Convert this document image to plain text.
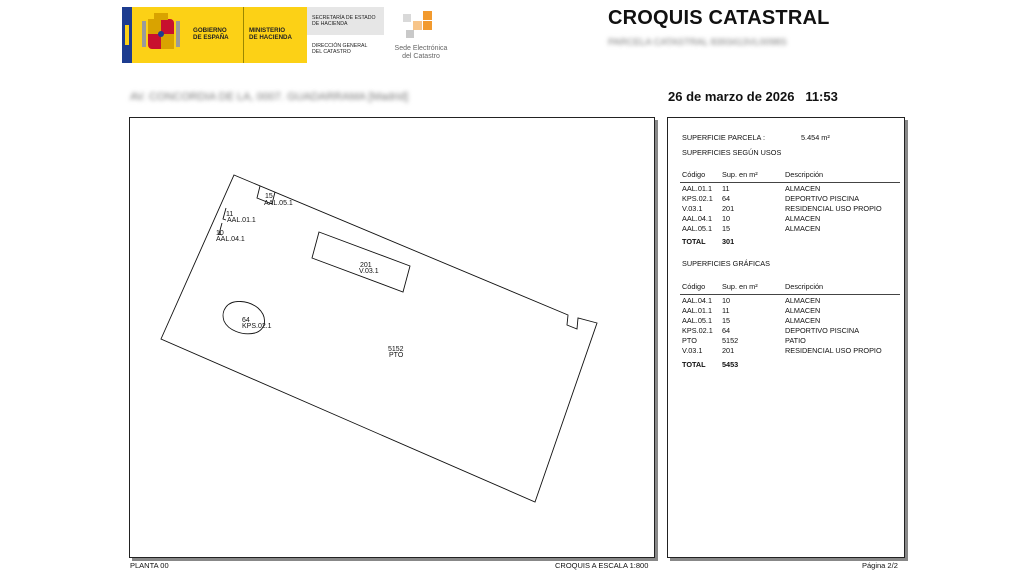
GOBIERNO
DE ESPAÑA
MINISTERIO
DE HACIENDA
SECRETARÍA DE ESTADO
DE HACIENDA
DIRECCIÓN GENERAL
DEL CATASTRO	Sede Electrónica
del Catastro
CROQUIS CATASTRAL
PARCELA CATASTRAL 8393413VL0098S
AV. CONCORDIA DE LA, 0007. GUADARRAMA [Madrid]	26 de marzo de 2026 11:53
15
AAL.05.1
11
AAL.01.1
10
AAL.04.1
201
V.03.1
64
KPS.02.1
5152
PTO
SUPERFICIE PARCELA :	5.454 m²
SUPERFICIES SEGÚN USOS
Código Sup. en m²	Descripción
AAL.01.1 11	ALMACEN
KPS.02.1 64	DEPORTIVO PISCINA
V.03.1	201	RESIDENCIAL USO PROPIO
AAL.04.1 10	ALMACEN
AAL.05.1 15	ALMACEN
TOTAL 301
SUPERFICIES GRÁFICAS
Código Sup. en m²	Descripción
AAL.04.1 10	ALMACEN
AAL.01.1 11	ALMACEN
AAL.05.1 15	ALMACEN
KPS.02.1 64	DEPORTIVO PISCINA
PTO	5152	PATIO
V.03.1	201	RESIDENCIAL USO PROPIO
TOTAL 5453
PLANTA 00	CROQUIS A ESCALA 1:800	Página 2/2
